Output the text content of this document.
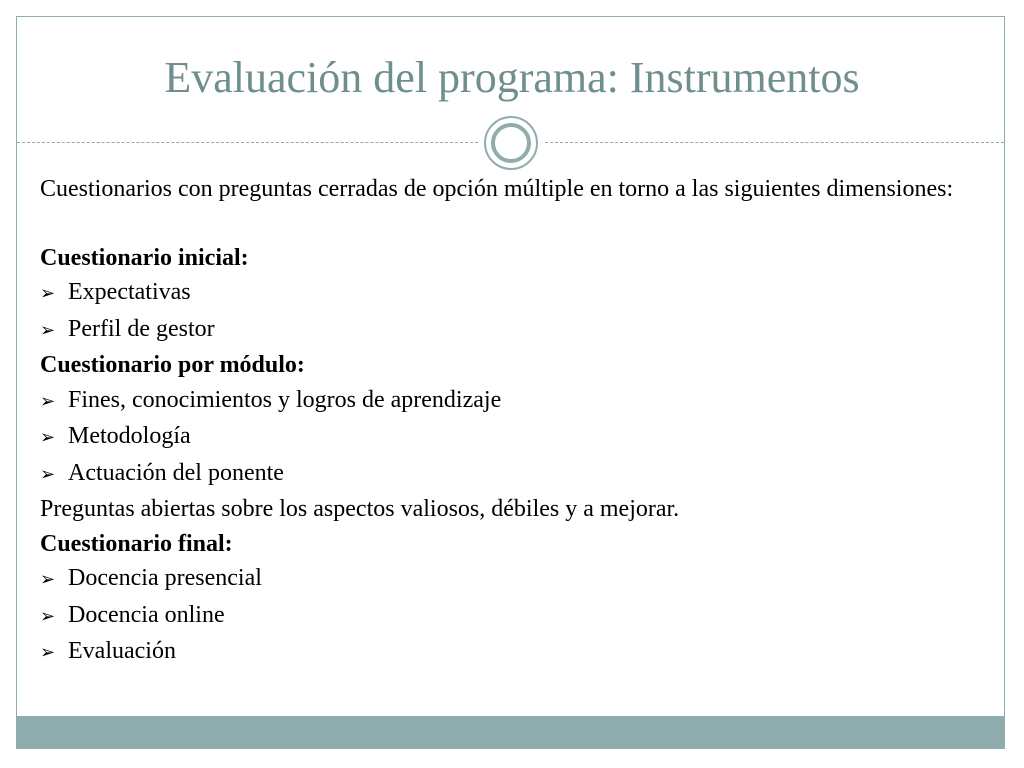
Evaluación del programa: Instrumentos
Cuestionarios con preguntas cerradas de opción múltiple en torno a las siguientes dimensiones:
Cuestionario inicial:
➢ Expectativas
➢ Perfil de gestor
Cuestionario por módulo:
➢ Fines, conocimientos y logros de aprendizaje
➢ Metodología
➢ Actuación del ponente
Preguntas abiertas sobre los aspectos valiosos, débiles y a mejorar.
Cuestionario final:
➢ Docencia presencial
➢ Docencia online
➢ Evaluación
